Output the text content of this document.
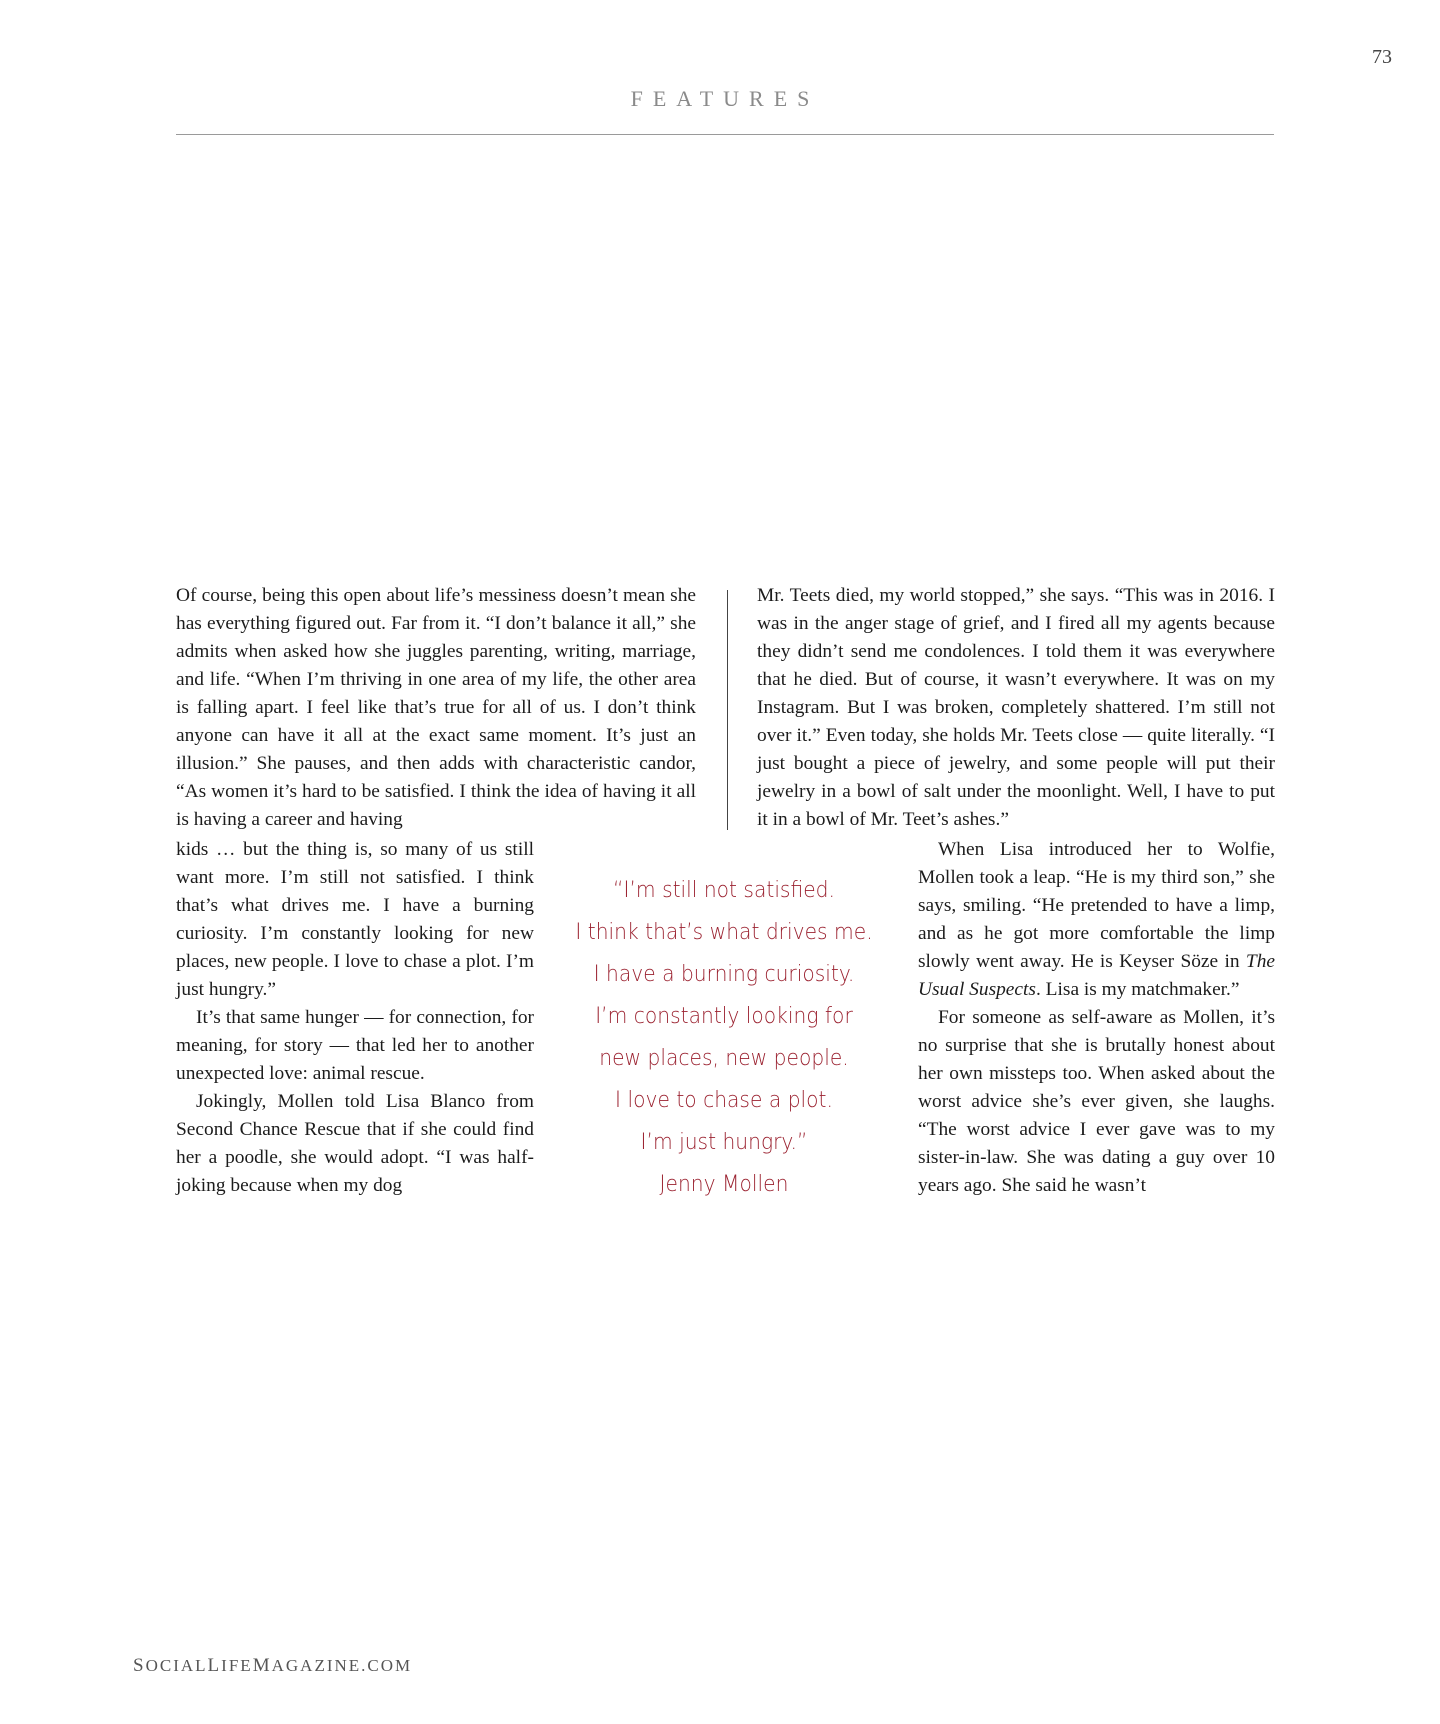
73
FEATURES

Of course, being this open about life’s messiness doesn’t mean she has everything figured out. Far from it. “I don’t balance it all,” she admits when asked how she juggles parenting, writing, marriage, and life. “When I’m thriving in one area of my life, the other area is falling apart. I feel like that’s true for all of us. I don’t think anyone can have it all at the exact same moment. It’s just an illusion.” She pauses, and then adds with characteristic candor, “As women it’s hard to be satisfied. I think the idea of having it all is having a career and having

Mr. Teets died, my world stopped,” she says. “This was in 2016. I was in the anger stage of grief, and I fired all my agents because they didn’t send me condolences. I told them it was everywhere that he died. But of course, it wasn’t everywhere. It was on my Instagram. But I was broken, completely shattered. I’m still not over it.” Even today, she holds Mr. Teets close — quite literally. “I just bought a piece of jewelry, and some people will put their jewelry in a bowl of salt under the moonlight. Well, I have to put it in a bowl of Mr. Teet’s ashes.”

kids … but the thing is, so many of us still want more. I’m still not satisfied. I think that’s what drives me. I have a burning curiosity. I’m constantly looking for new places, new people. I love to chase a plot. I’m just hungry.”

It’s that same hunger — for connection, for meaning, for story — that led her to another unexpected love: animal rescue.

Jokingly, Mollen told Lisa Blanco from Second Chance Rescue that if she could find her a poodle, she would adopt. “I was half-joking because when my dog

“I’m still not satisfied.
I think that’s what drives me.
I have a burning curiosity.
I’m constantly looking for
new places, new people.
I love to chase a plot.
I’m just hungry.”
Jenny Mollen

When Lisa introduced her to Wolfie, Mollen took a leap. “He is my third son,” she says, smiling. “He pretended to have a limp, and as he got more comfortable the limp slowly went away. He is Keyser Söze in The Usual Suspects. Lisa is my matchmaker.”

For someone as self-aware as Mollen, it’s no surprise that she is brutally honest about her own missteps too. When asked about the worst advice she’s ever given, she laughs. “The worst advice I ever gave was to my sister-in-law. She was dating a guy over 10 years ago. She said he wasn’t

SOCIALLIFEMAGAZINE.COM
